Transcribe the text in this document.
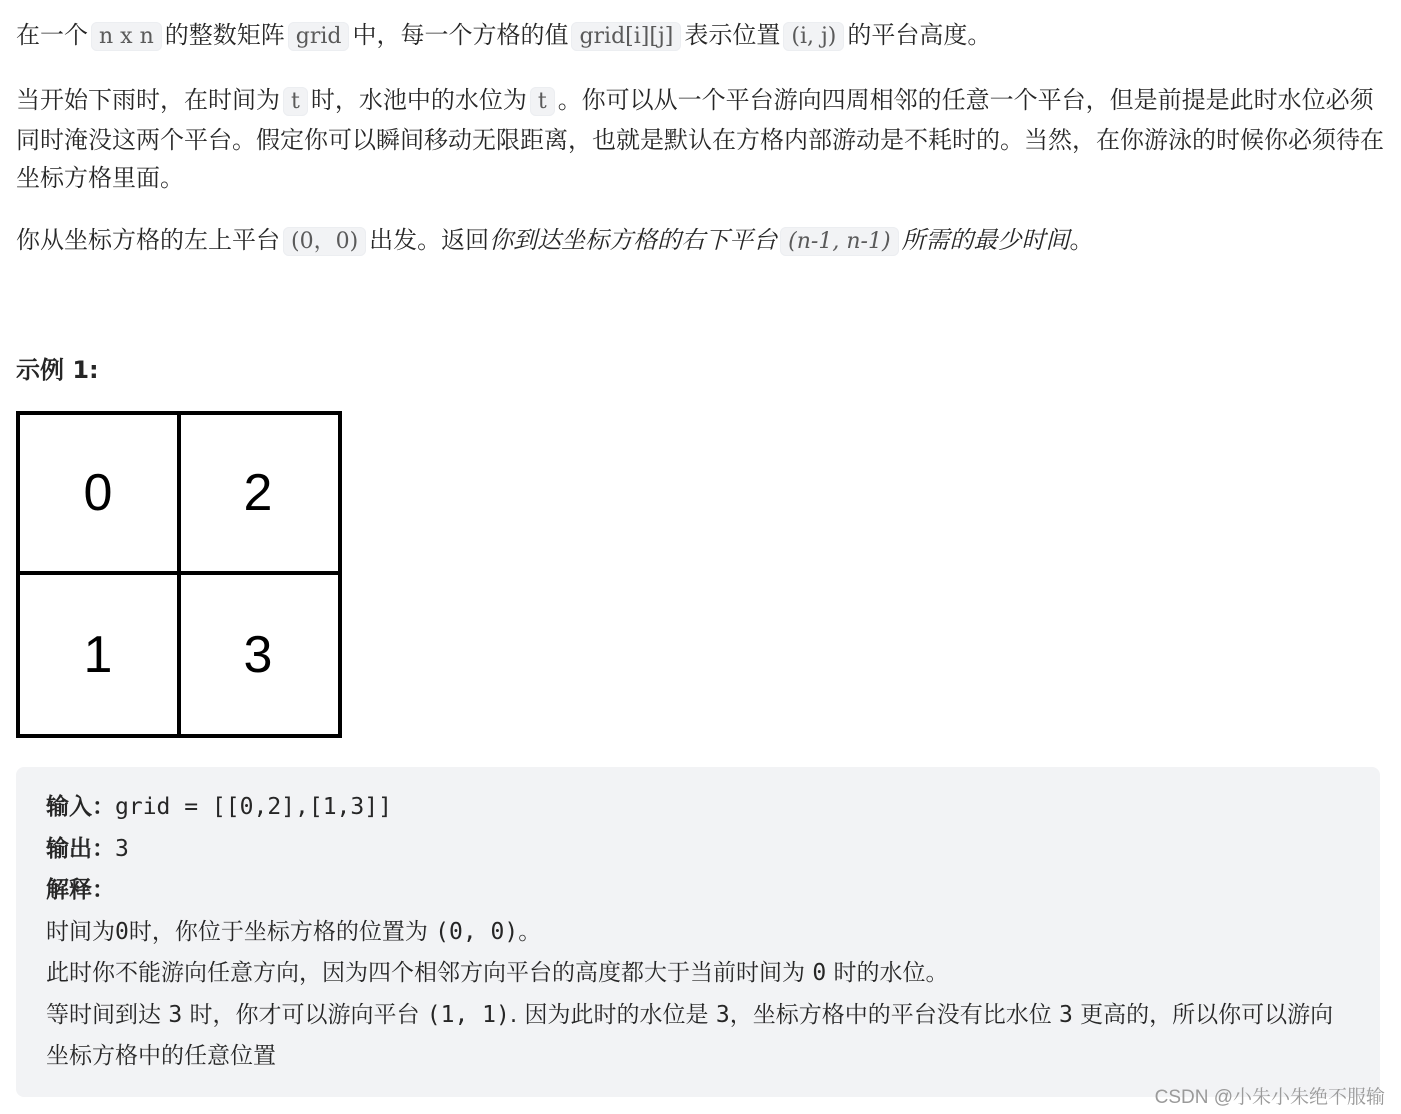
在一个 n x n 的整数矩阵 grid 中，每一个方格的值 grid[i][j] 表示位置 (i, j) 的平台高度。

当开始下雨时，在时间为 t 时，水池中的水位为 t 。你可以从一个平台游向四周相邻的任意一个平台，但是前提是此时水位必须同时淹没这两个平台。假定你可以瞬间移动无限距离，也就是默认在方格内部游动是不耗时的。当然，在你游泳的时候你必须待在坐标方格里面。

你从坐标方格的左上平台 (0，0) 出发。返回你到达坐标方格的右下平台 (n-1, n-1) 所需的最少时间。

示例 1:
0	2
1	3

输入：grid = [[0,2],[1,3]]

输出：3

解释：

时间为0时，你位于坐标方格的位置为 (0, 0)。

此时你不能游向任意方向，因为四个相邻方向平台的高度都大于当前时间为 0 时的水位。

等时间到达 3 时，你才可以游向平台 (1, 1). 因为此时的水位是 3，坐标方格中的平台没有比水位 3 更高的，所以你可以游向坐标方格中的任意位置

CSDN @小朱小朱绝不服输
